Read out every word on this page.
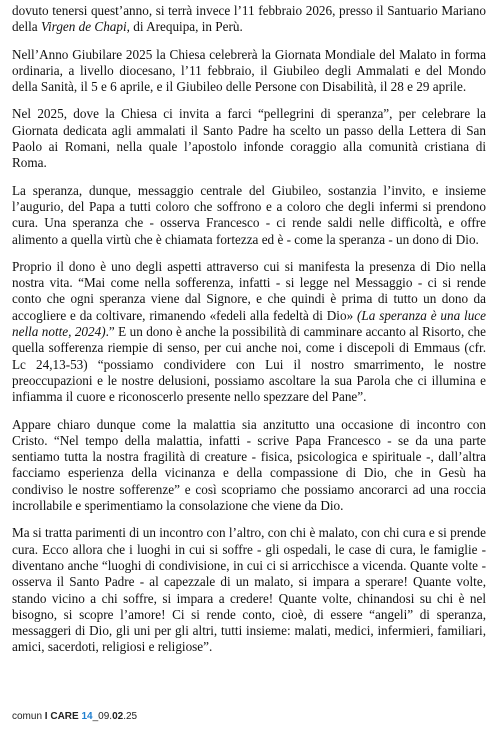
dovuto tenersi quest’anno, si terrà invece l’11 febbraio 2026, presso il Santuario Mariano della Virgen de Chapi, di Arequipa, in Perù.

Nell’Anno Giubilare 2025 la Chiesa celebrerà la Giornata Mondiale del Malato in forma ordinaria, a livello diocesano, l’11 febbraio, il Giubileo degli Ammalati e del Mondo della Sanità, il 5 e 6 aprile, e il Giubileo delle Persone con Disabilità, il 28 e 29 aprile.

Nel 2025, dove la Chiesa ci invita a farci “pellegrini di speranza”, per celebrare la Giornata dedicata agli ammalati il Santo Padre ha scelto un passo della Lettera di San Paolo ai Romani, nella quale l’apostolo infonde coraggio alla comunità cristiana di Roma.

La speranza, dunque, messaggio centrale del Giubileo, sostanzia l’invito, e insieme l’augurio, del Papa a tutti coloro che soffrono e a coloro che degli infermi si prendono cura. Una speranza che - osserva Francesco - ci rende saldi nelle difficoltà, e offre alimento a quella virtù che è chiamata fortezza ed è - come la speranza - un dono di Dio.

Proprio il dono è uno degli aspetti attraverso cui si manifesta la presenza di Dio nella nostra vita. “Mai come nella sofferenza, infatti - si legge nel Messaggio - ci si rende conto che ogni speranza viene dal Signore, e che quindi è prima di tutto un dono da accogliere e da coltivare, rimanendo «fedeli alla fedeltà di Dio» (La speranza è una luce nella notte, 2024).” E un dono è anche la possibilità di camminare accanto al Risorto, che quella sofferenza riempie di senso, per cui anche noi, come i discepoli di Emmaus (cfr. Lc 24,13-53) “possiamo condividere con Lui il nostro smarrimento, le nostre preoccupazioni e le nostre delusioni, possiamo ascoltare la sua Parola che ci illumina e infiamma il cuore e riconoscerlo presente nello spezzare del Pane”.

Appare chiaro dunque come la malattia sia anzitutto una occasione di incontro con Cristo. “Nel tempo della malattia, infatti - scrive Papa Francesco - se da una parte sentiamo tutta la nostra fragilità di creature - fisica, psicologica e spirituale -, dall’altra facciamo esperienza della vicinanza e della compassione di Dio, che in Gesù ha condiviso le nostre sofferenze” e così scopriamo che possiamo ancorarci ad una roccia incrollabile e sperimentiamo la consolazione che viene da Dio.

Ma si tratta parimenti di un incontro con l’altro, con chi è malato, con chi cura e si prende cura. Ecco allora che i luoghi in cui si soffre - gli ospedali, le case di cura, le famiglie - diventano anche “luoghi di condivisione, in cui ci si arricchisce a vicenda. Quante volte - osserva il Santo Padre - al capezzale di un malato, si impara a sperare! Quante volte, stando vicino a chi soffre, si impara a credere! Quante volte, chinandosi su chi è nel bisogno, si scopre l’amore! Ci si rende conto, cioè, di essere “angeli” di speranza, messaggeri di Dio, gli uni per gli altri, tutti insieme: malati, medici, infermieri, familiari, amici, sacerdoti, religiosi e religiose”.

comun I CARE 14_09.02.25
